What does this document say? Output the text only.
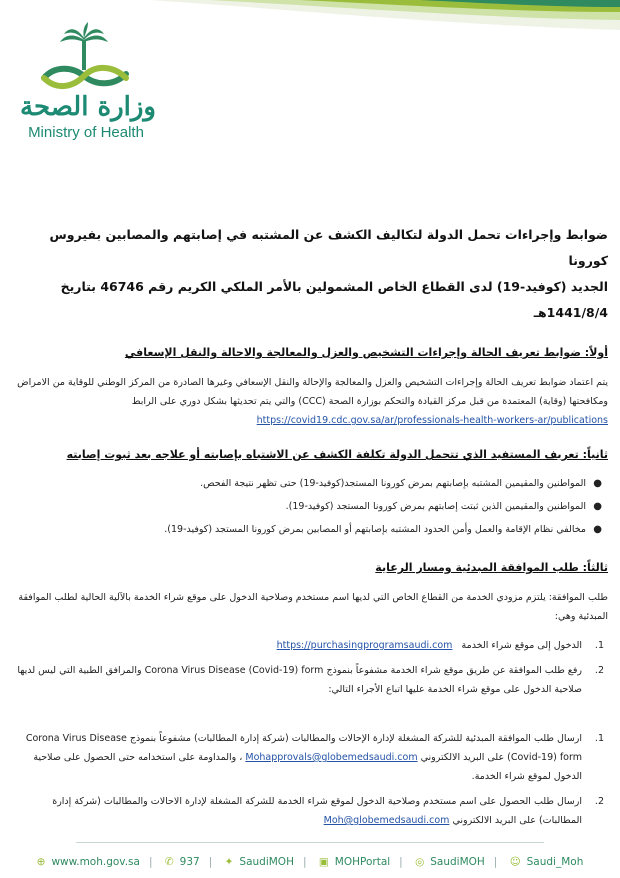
وزارة الصحة
Ministry of Health

ضوابط وإجراءات تحمل الدولة لتكاليف الكشف عن المشتبه في إصابتهم والمصابين بفيروس كورونا

الجديد (كوفيد-19) لدى القطاع الخاص المشمولين بالأمر الملكي الكريم رقم 46746 بتاريخ 1441/8/4هـ

أولاً: ضوابط تعريف الحالة وإجراءات التشخيص والعزل والمعالجة والاحالة والنقل الإسعافي

يتم اعتماد ضوابط تعريف الحالة وإجراءات التشخيص والعزل والمعالجة والإحالة والنقل الإسعافي وغيرها الصادرة من المركز الوطني للوقاية من الامراض ومكافحتها (وقاية) المعتمدة من قبل مركز القيادة والتحكم بوزارة الصحة (CCC) والتي يتم تحديثها بشكل دوري على الرابط https://covid19.cdc.gov.sa/ar/professionals-health-workers-ar/publications

ثانياً: تعريف المستفيد الذي تتحمل الدولة تكلفة الكشف عن الاشتباه بإصابته أو علاجه بعد ثبوت إصابته

●
المواطنين والمقيمين المشتبه بإصابتهم بمرض كورونا المستجد(كوفيد-19) حتى تظهر نتيجة الفحص.
●
المواطنين والمقيمين الذين ثبتت إصابتهم بمرض كورونا المستجد (كوفيد-19).
●
مخالفي نظام الإقامة والعمل وأمن الحدود المشتبه بإصابتهم أو المصابين بمرض كورونا المستجد (كوفيد-19).

ثالثاً: طلب الموافقة المبدئية ومسار الرعاية

طلب الموافقة: يلتزم مزودي الخدمة من القطاع الخاص التي لديها اسم مستخدم وصلاحية الدخول على موقع شراء الخدمة بالآلية الحالية لطلب الموافقة المبدئية وهي:

.1
الدخول إلى موقع شراء الخدمة   https://purchasingprogramsaudi.com
.2
رفع طلب الموافقة عن طريق موقع شراء الخدمة مشفوعاً بنموذج Corona Virus Disease (Covid-19) form والمرافق الطبية التي ليس لديها صلاحية الدخول على موقع شراء الخدمة عليها اتباع الأجراء التالي:
.1
ارسال طلب الموافقة المبدئية للشركة المشغلة لإدارة الإحالات والمطالبات (شركة إدارة المطالبات) مشفوعاً بنموذج Corona Virus Disease (Covid-19) form على البريد الالكتروني Mohapprovals@globemedsaudi.com ، والمداومة على استخدامه حتى الحصول على صلاحية الدخول لموقع شراء الخدمة.
.2
ارسال طلب الحصول على اسم مستخدم وصلاحية الدخول لموقع شراء الخدمة للشركة المشغلة لإدارة الاحالات والمطالبات (شركة إدارة المطالبات) على البريد الالكتروني Moh@globemedsaudi.com
⊕ www.moh.gov.sa | ✆ 937 | ✦ SaudiMOH | ▣ MOHPortal | ◎ SaudiMOH | ☺ Saudi_Moh
